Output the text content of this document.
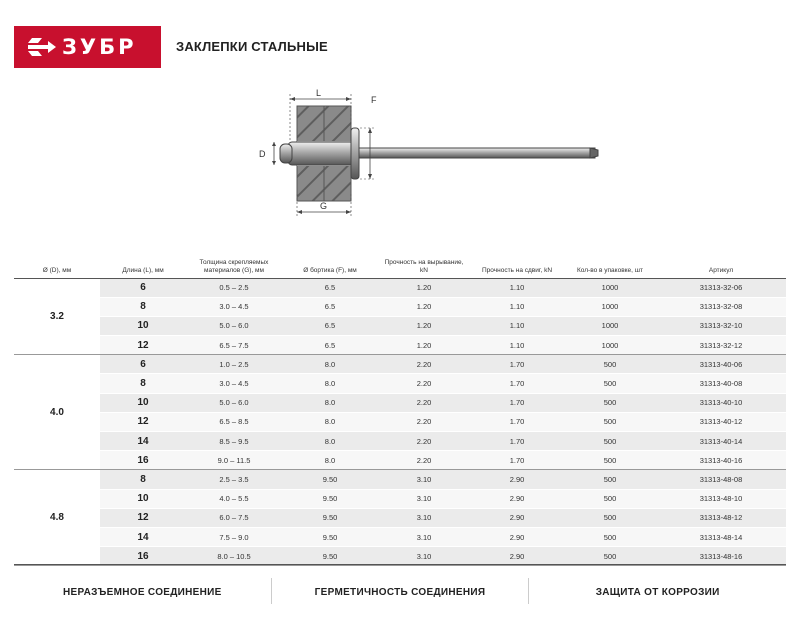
ЗУБР	ЗАКЛЕПКИ СТАЛЬНЫЕ
L
F
D
G
Ø (D), мм	Длина (L), мм	Толщина скрепляемых материалов (G), мм	Ø бортика (F), мм	Прочность на вырывание, kN	Прочность на сдвиг, kN	Кол-во в упаковке, шт	Артикул
3.2	6	0.5 – 2.5	6.5	1.20	1.10	1000	31313-32-06
	8	3.0 – 4.5	6.5	1.20	1.10	1000	31313-32-08
	10	5.0 – 6.0	6.5	1.20	1.10	1000	31313-32-10
	12	6.5 – 7.5	6.5	1.20	1.10	1000	31313-32-12
4.0	6	1.0 – 2.5	8.0	2.20	1.70	500	31313-40-06
	8	3.0 – 4.5	8.0	2.20	1.70	500	31313-40-08
	10	5.0 – 6.0	8.0	2.20	1.70	500	31313-40-10
	12	6.5 – 8.5	8.0	2.20	1.70	500	31313-40-12
	14	8.5 – 9.5	8.0	2.20	1.70	500	31313-40-14
	16	9.0 – 11.5	8.0	2.20	1.70	500	31313-40-16
4.8	8	2.5 – 3.5	9.50	3.10	2.90	500	31313-48-08
	10	4.0 – 5.5	9.50	3.10	2.90	500	31313-48-10
	12	6.0 – 7.5	9.50	3.10	2.90	500	31313-48-12
	14	7.5 – 9.0	9.50	3.10	2.90	500	31313-48-14
	16	8.0 – 10.5	9.50	3.10	2.90	500	31313-48-16
НЕРАЗЪЕМНОЕ СОЕДИНЕНИЕ	ГЕРМЕТИЧНОСТЬ СОЕДИНЕНИЯ	ЗАЩИТА ОТ КОРРОЗИИ
